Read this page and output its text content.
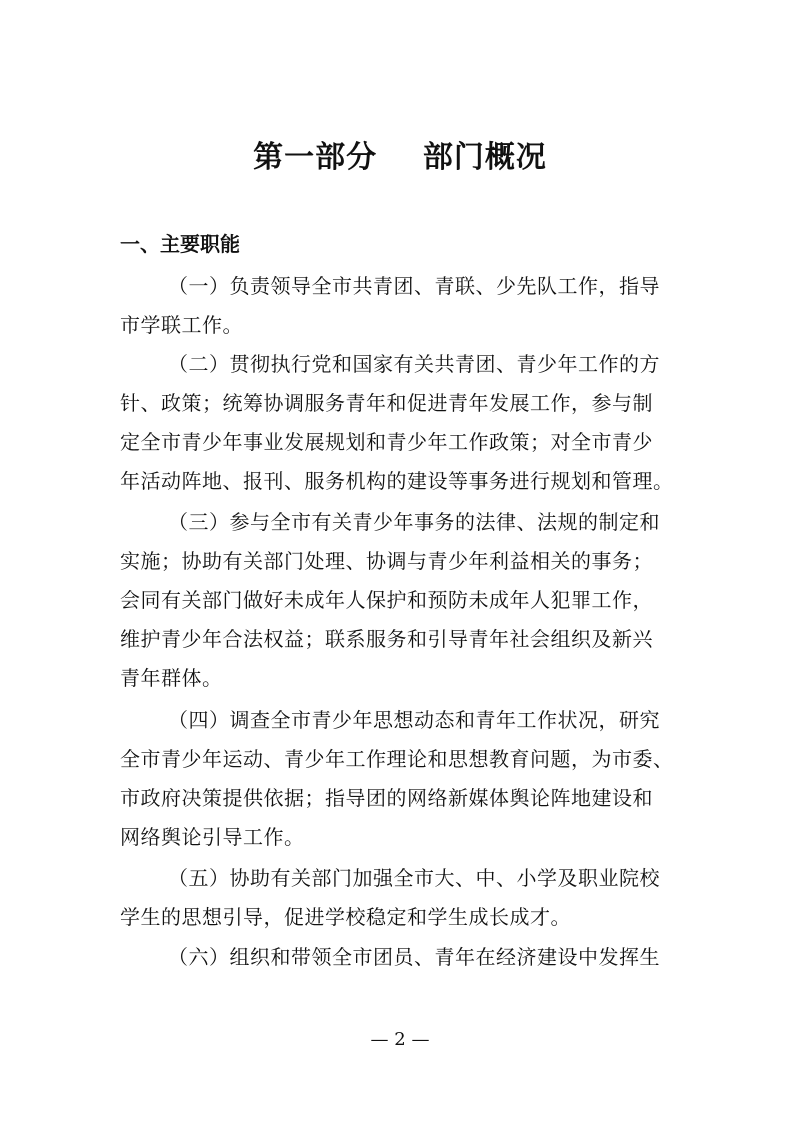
第一部分    部门概况
一、主要职能
（一）负责领导全市共青团、青联、少先队工作，指导
市学联工作。
（二）贯彻执行党和国家有关共青团、青少年工作的方
针、政策；统筹协调服务青年和促进青年发展工作，参与制
定全市青少年事业发展规划和青少年工作政策；对全市青少
年活动阵地、报刊、服务机构的建设等事务进行规划和管理。
（三）参与全市有关青少年事务的法律、法规的制定和
实施；协助有关部门处理、协调与青少年利益相关的事务；
会同有关部门做好未成年人保护和预防未成年人犯罪工作，
维护青少年合法权益；联系服务和引导青年社会组织及新兴
青年群体。
（四）调查全市青少年思想动态和青年工作状况，研究
全市青少年运动、青少年工作理论和思想教育问题，为市委、
市政府决策提供依据；指导团的网络新媒体舆论阵地建设和
网络舆论引导工作。
（五）协助有关部门加强全市大、中、小学及职业院校
学生的思想引导，促进学校稳定和学生成长成才。
（六）组织和带领全市团员、青年在经济建设中发挥生
— 2 —
